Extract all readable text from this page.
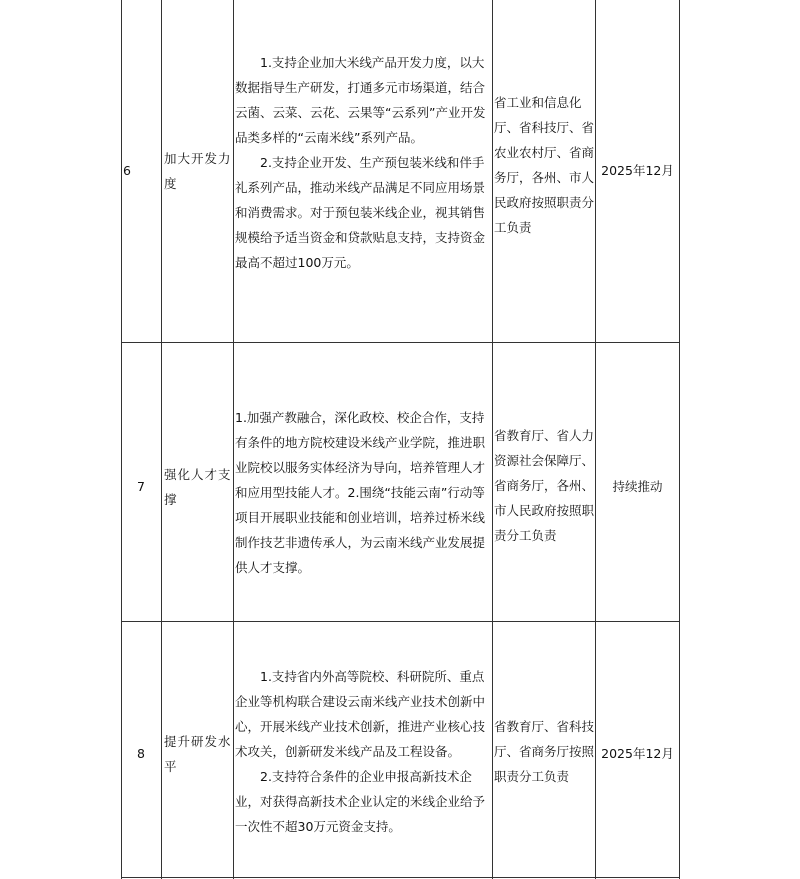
6
加大开发力
度

　　1.支持企业加大米线产品开发力度，以大数据指导生产研发，打通多元市场渠道，结合云菌、云菜、云花、云果等“云系列”产业开发品类多样的“云南米线”系列产品。

　　2.支持企业开发、生产预包装米线和伴手礼系列产品，推动米线产品满足不同应用场景和消费需求。对于预包装米线企业，视其销售规模给予适当资金和贷款贴息支持，支持资金最高不超过100万元。

省工业和信息化厅、省科技厅、省农业农村厅、省商务厅，各州、市人民政府按照职责分工负责
2025年12月
7
强化人才支
撑

1.加强产教融合，深化政校、校企合作，支持有条件的地方院校建设米线产业学院，推进职业院校以服务实体经济为导向，培养管理人才和应用型技能人才。2.围绕“技能云南”行动等项目开展职业技能和创业培训，培养过桥米线制作技艺非遗传承人，为云南米线产业发展提供人才支撑。

省教育厅、省人力资源社会保障厅、省商务厅，各州、市人民政府按照职责分工负责
持续推动
8
提升研发水
平

　　1.支持省内外高等院校、科研院所、重点企业等机构联合建设云南米线产业技术创新中心，开展米线产业技术创新，推进产业核心技术攻关，创新研发米线产品及工程设备。

　　2.支持符合条件的企业申报高新技术企业，对获得高新技术企业认定的米线企业给予一次性不超30万元资金支持。

省教育厅、省科技厅、省商务厅按照职责分工负责
2025年12月
